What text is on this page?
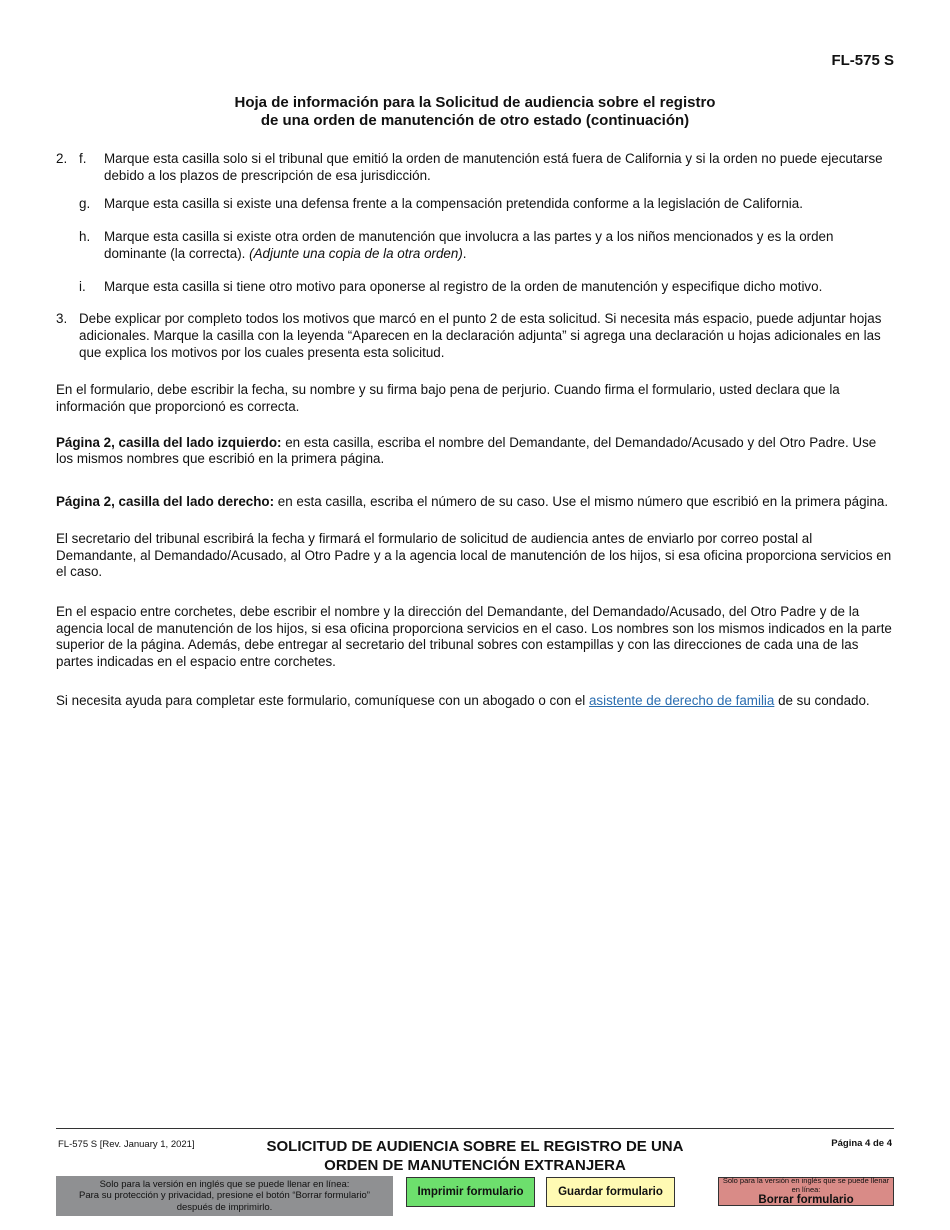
FL-575 S
Hoja de información para la Solicitud de audiencia sobre el registro
de una orden de manutención de otro estado (continuación)
2. f. Marque esta casilla solo si el tribunal que emitió la orden de manutención está fuera de California y si la orden no puede ejecutarse debido a los plazos de prescripción de esa jurisdicción.

g. Marque esta casilla si existe una defensa frente a la compensación pretendida conforme a la legislación de California.

h. Marque esta casilla si existe otra orden de manutención que involucra a las partes y a los niños mencionados y es la orden dominante (la correcta). (Adjunte una copia de la otra orden).

i. Marque esta casilla si tiene otro motivo para oponerse al registro de la orden de manutención y especifique dicho motivo.

3. Debe explicar por completo todos los motivos que marcó en el punto 2 de esta solicitud. Si necesita más espacio, puede adjuntar hojas adicionales. Marque la casilla con la leyenda “Aparecen en la declaración adjunta” si agrega una declaración u hojas adicionales en las que explica los motivos por los cuales presenta esta solicitud.

En el formulario, debe escribir la fecha, su nombre y su firma bajo pena de perjurio. Cuando firma el formulario, usted declara que la información que proporcionó es correcta.

Página 2, casilla del lado izquierdo: en esta casilla, escriba el nombre del Demandante, del Demandado/Acusado y del Otro Padre. Use los mismos nombres que escribió en la primera página.

Página 2, casilla del lado derecho: en esta casilla, escriba el número de su caso. Use el mismo número que escribió en la primera página.

El secretario del tribunal escribirá la fecha y firmará el formulario de solicitud de audiencia antes de enviarlo por correo postal al Demandante, al Demandado/Acusado, al Otro Padre y a la agencia local de manutención de los hijos, si esa oficina proporciona servicios en el caso.

En el espacio entre corchetes, debe escribir el nombre y la dirección del Demandante, del Demandado/Acusado, del Otro Padre y de la agencia local de manutención de los hijos, si esa oficina proporciona servicios en el caso. Los nombres son los mismos indicados en la parte superior de la página. Además, debe entregar al secretario del tribunal sobres con estampillas y con las direcciones de cada una de las partes indicadas en el espacio entre corchetes.

Si necesita ayuda para completar este formulario, comuníquese con un abogado o con el asistente de derecho de familia de su condado.

FL-575 S [Rev. January 1, 2021]	SOLICITUD DE AUDIENCIA SOBRE EL REGISTRO DE UNA
ORDEN DE MANUTENCIÓN EXTRANJERA
Página 4 de 4
Solo para la versión en inglés que se puede llenar en línea:
Para su protección y privacidad, presione el botón “Borrar formulario”
después de imprimirlo.
Imprimir formulario	Guardar formulario
Solo para la versión en inglés que se puede llenar en línea:
Borrar formulario
